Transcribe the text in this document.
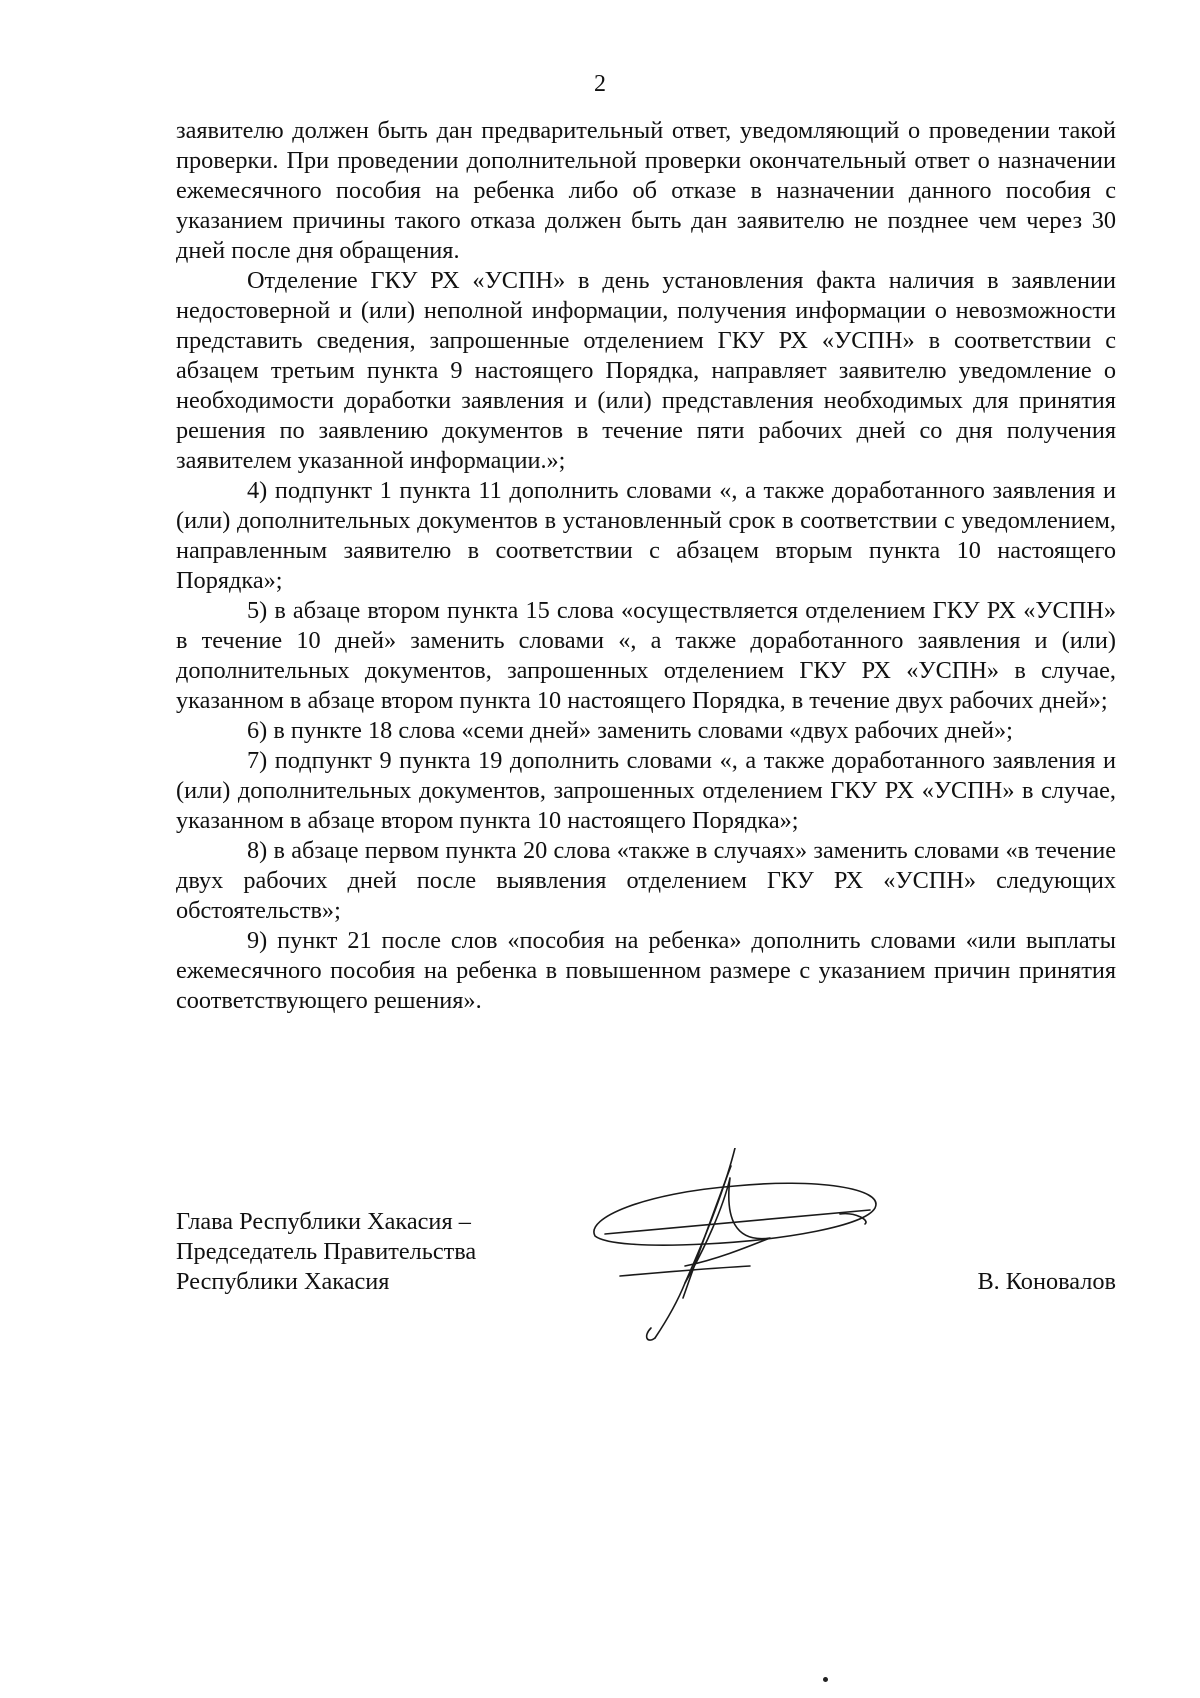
2

заявителю должен быть дан предварительный ответ, уведомляющий о проведении такой проверки. При проведении дополнительной проверки окончательный ответ о назначении ежемесячного пособия на ребенка либо об отказе в назначении данного пособия с указанием причины такого отказа должен быть дан заявителю не позднее чем через 30 дней после дня обращения.

Отделение ГКУ РХ «УСПН» в день установления факта наличия в заявлении недостоверной и (или) неполной информации, получения информации о невозможности представить сведения, запрошенные отделением ГКУ РХ «УСПН» в соответствии с абзацем третьим пункта 9 настоящего Порядка, направляет заявителю уведомление о необходимости доработки заявления и (или) представления необходимых для принятия решения по заявлению документов в течение пяти рабочих дней со дня получения заявителем указанной информации.»;

4) подпункт 1 пункта 11 дополнить словами «, а также доработанного заявления и (или) дополнительных документов в установленный срок в соответствии с уведомлением, направленным заявителю в соответствии с абзацем вторым пункта 10 настоящего Порядка»;

5) в абзаце втором пункта 15 слова «осуществляется отделением ГКУ РХ «УСПН» в течение 10 дней» заменить словами «, а также доработанного заявления и (или) дополнительных документов, запрошенных отделением ГКУ РХ «УСПН» в случае, указанном в абзаце втором пункта 10 настоящего Порядка, в течение двух рабочих дней»;

6) в пункте 18 слова «семи дней» заменить словами «двух рабочих дней»;

7) подпункт 9 пункта 19 дополнить словами «, а также доработанного заявления и (или) дополнительных документов, запрошенных отделением ГКУ РХ «УСПН» в случае, указанном в абзаце втором пункта 10 настоящего Порядка»;

8) в абзаце первом пункта 20 слова «также в случаях» заменить словами «в течение двух рабочих дней после выявления отделением ГКУ РХ «УСПН» следующих обстоятельств»;

9) пункт 21 после слов «пособия на ребенка» дополнить словами «или выплаты ежемесячного пособия на ребенка в повышенном размере с указанием причин принятия соответствующего решения».

Глава Республики Хакасия –
Председатель Правительства
Республики Хакасия	В. Коновалов
